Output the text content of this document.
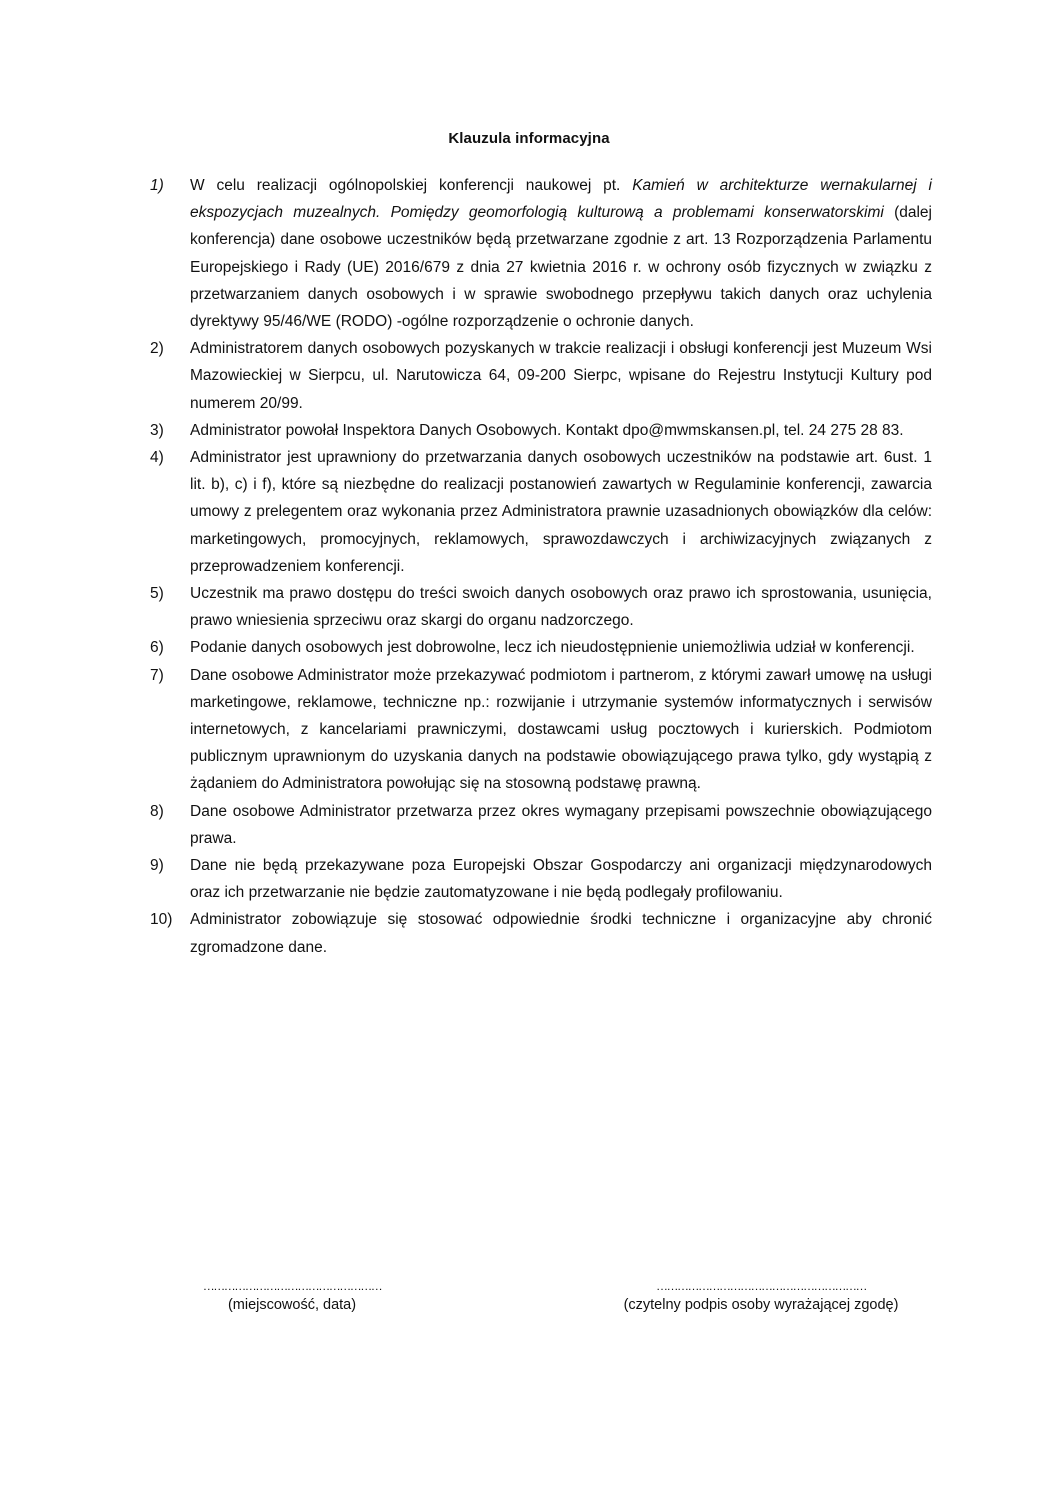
Klauzula informacyjna
1)	W celu realizacji ogólnopolskiej konferencji naukowej pt. Kamień w architekturze wernakularnej i ekspozycjach muzealnych. Pomiędzy geomorfologią kulturową a problemami konserwatorskimi (dalej konferencja) dane osobowe uczestników będą przetwarzane zgodnie z art. 13 Rozporządzenia Parlamentu Europejskiego i Rady (UE) 2016/679 z dnia 27 kwietnia 2016 r. w ochrony osób fizycznych w związku z przetwarzaniem danych osobowych i w sprawie swobodnego przepływu takich danych oraz uchylenia dyrektywy 95/46/WE (RODO) -ogólne rozporządzenie o ochronie danych.
2)	Administratorem danych osobowych pozyskanych w trakcie realizacji i obsługi konferencji jest Muzeum Wsi Mazowieckiej w Sierpcu, ul. Narutowicza 64, 09-200 Sierpc, wpisane do Rejestru Instytucji Kultury pod numerem 20/99.
3)	Administrator powołał Inspektora Danych Osobowych. Kontakt dpo@mwmskansen.pl, tel. 24 275 28 83.
4)	Administrator jest uprawniony do przetwarzania danych osobowych uczestników na podstawie art. 6ust. 1 lit. b), c) i f), które są niezbędne do realizacji postanowień zawartych w Regulaminie konferencji, zawarcia umowy z prelegentem oraz wykonania przez Administratora prawnie uzasadnionych obowiązków dla celów: marketingowych, promocyjnych, reklamowych, sprawozdawczych i archiwizacyjnych związanych z przeprowadzeniem konferencji.
5)	Uczestnik ma prawo dostępu do treści swoich danych osobowych oraz prawo ich sprostowania, usunięcia, prawo wniesienia sprzeciwu oraz skargi do organu nadzorczego.
6)	Podanie danych osobowych jest dobrowolne, lecz ich nieudostępnienie uniemożliwia udział w konferencji.
7)	Dane osobowe Administrator może przekazywać podmiotom i partnerom, z którymi zawarł umowę na usługi marketingowe, reklamowe, techniczne np.: rozwijanie i utrzymanie systemów informatycznych i serwisów internetowych, z kancelariami prawniczymi, dostawcami usług pocztowych i kurierskich. Podmiotom publicznym uprawnionym do uzyskania danych na podstawie obowiązującego prawa tylko, gdy wystąpią z żądaniem do Administratora powołując się na stosowną podstawę prawną.
8)	Dane osobowe Administrator przetwarza przez okres wymagany przepisami powszechnie obowiązującego prawa.
9)	Dane nie będą przekazywane poza Europejski Obszar Gospodarczy ani organizacji międzynarodowych oraz ich przetwarzanie nie będzie zautomatyzowane i nie będą podlegały profilowaniu.
10)	Administrator zobowiązuje się stosować odpowiednie środki techniczne i organizacyjne aby chronić zgromadzone dane.
……………………………………………
(miejscowość, data)
……………………………………………………
(czytelny podpis osoby wyrażającej zgodę)
